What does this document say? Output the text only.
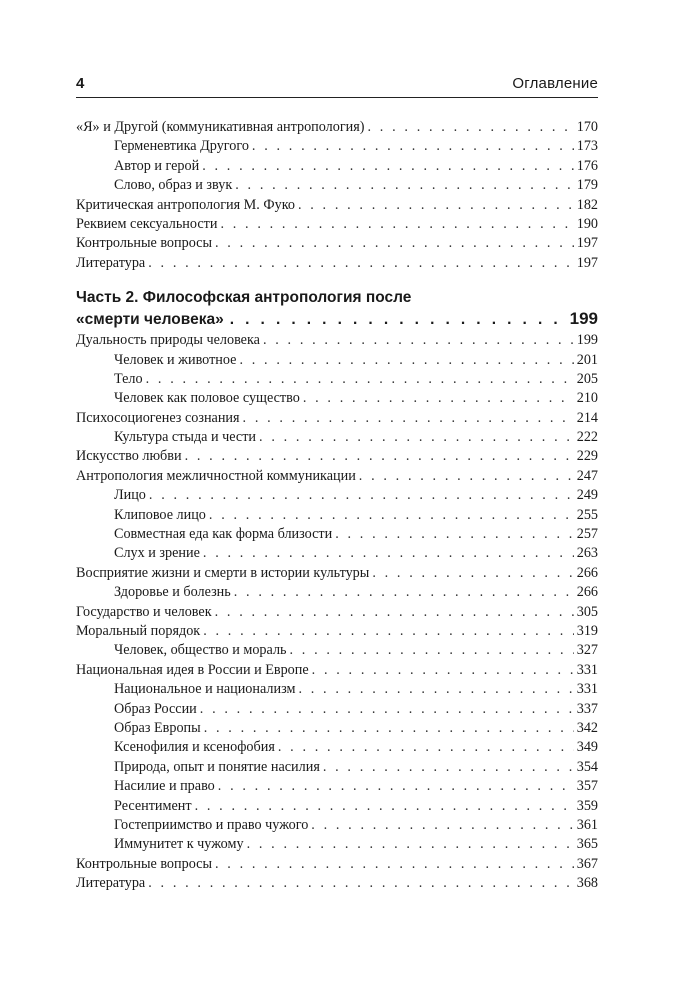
4	Оглавление
«Я» и Другой (коммуникативная антропология) . . .	170
Герменевтика Другого . . .	173
Автор и герой . . .	176
Слово, образ и звук . . .	179
Критическая антропология М. Фуко . . .	182
Реквием сексуальности . . .	190
Контрольные вопросы . . .	197
Литература . . .	197
Часть 2. Философская антропология после
«смерти человека» . . .	199
Дуальность природы человека . . .	199
Человек и животное . . .	201
Тело . . .	205
Человек как половое существо . . .	210
Психосоциогенез сознания . . .	214
Культура стыда и чести . . .	222
Искусство любви . . .	229
Антропология межличностной коммуникации . . .	247
Лицо . . .	249
Клиповое лицо . . .	255
Совместная еда как форма близости . . .	257
Слух и зрение . . .	263
Восприятие жизни и смерти в истории культуры . . .	266
Здоровье и болезнь . . .	266
Государство и человек . . .	305
Моральный порядок . . .	319
Человек, общество и мораль . . .	327
Национальная идея в России и Европе . . .	331
Национальное и национализм . . .	331
Образ России . . .	337
Образ Европы . . .	342
Ксенофилия и ксенофобия . . .	349
Природа, опыт и понятие насилия . . .	354
Насилие и право . . .	357
Ресентимент . . .	359
Гостеприимство и право чужого . . .	361
Иммунитет к чужому . . .	365
Контрольные вопросы . . .	367
Литература . . .	368
